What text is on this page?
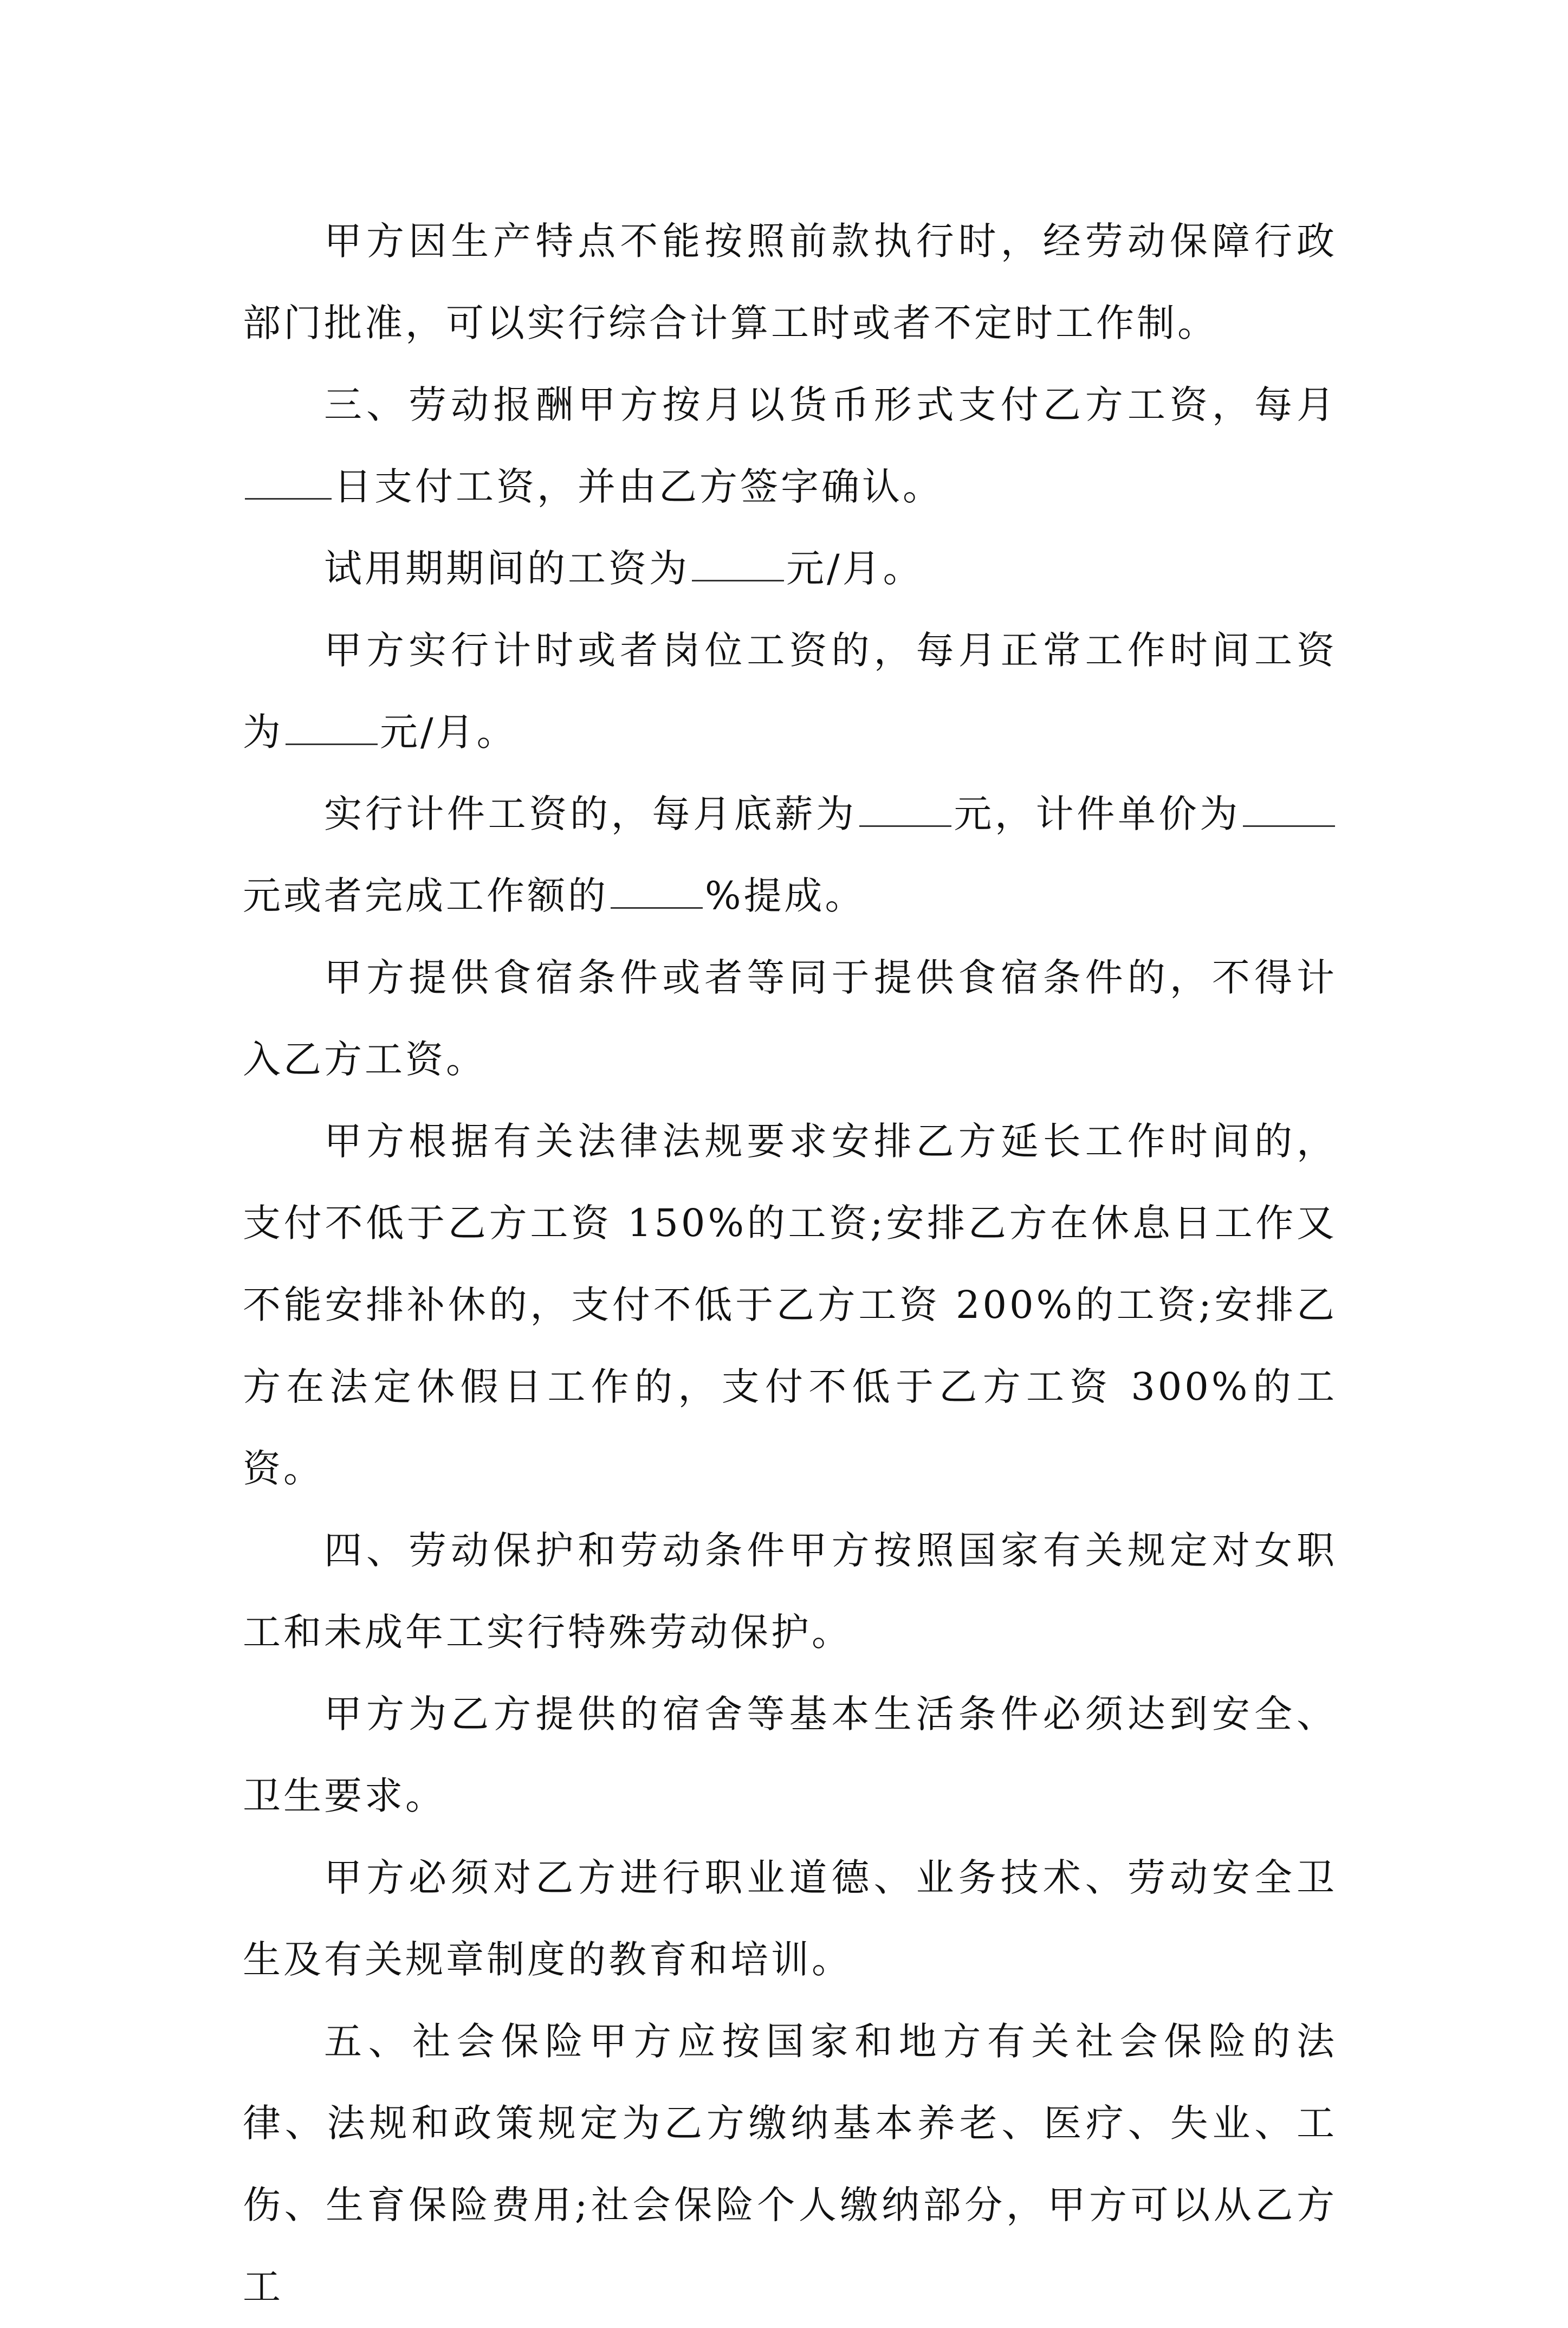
甲方因生产特点不能按照前款执行时，经劳动保障行政部门批准，可以实行综合计算工时或者不定时工作制。

三、劳动报酬甲方按月以货币形式支付乙方工资，每月日支付工资，并由乙方签字确认。

试用期期间的工资为	元/月。

甲方实行计时或者岗位工资的，每月正常工作时间工资为	元/月。

实行计件工资的，每月底薪为	元，计件单价为元或者完成工作额的	%提成。

甲方提供食宿条件或者等同于提供食宿条件的，不得计入乙方工资。

甲方根据有关法律法规要求安排乙方延长工作时间的，支付不低于乙方工资 150%的工资;安排乙方在休息日工作又不能安排补休的，支付不低于乙方工资 200%的工资;安排乙方在法定休假日工作的，支付不低于乙方工资 300%的工资。

四、劳动保护和劳动条件甲方按照国家有关规定对女职工和未成年工实行特殊劳动保护。

甲方为乙方提供的宿舍等基本生活条件必须达到安全、卫生要求。

甲方必须对乙方进行职业道德、业务技术、劳动安全卫生及有关规章制度的教育和培训。

五、社会保险甲方应按国家和地方有关社会保险的法律、法规和政策规定为乙方缴纳基本养老、医疗、失业、工伤、生育保险费用;社会保险个人缴纳部分，甲方可以从乙方工
